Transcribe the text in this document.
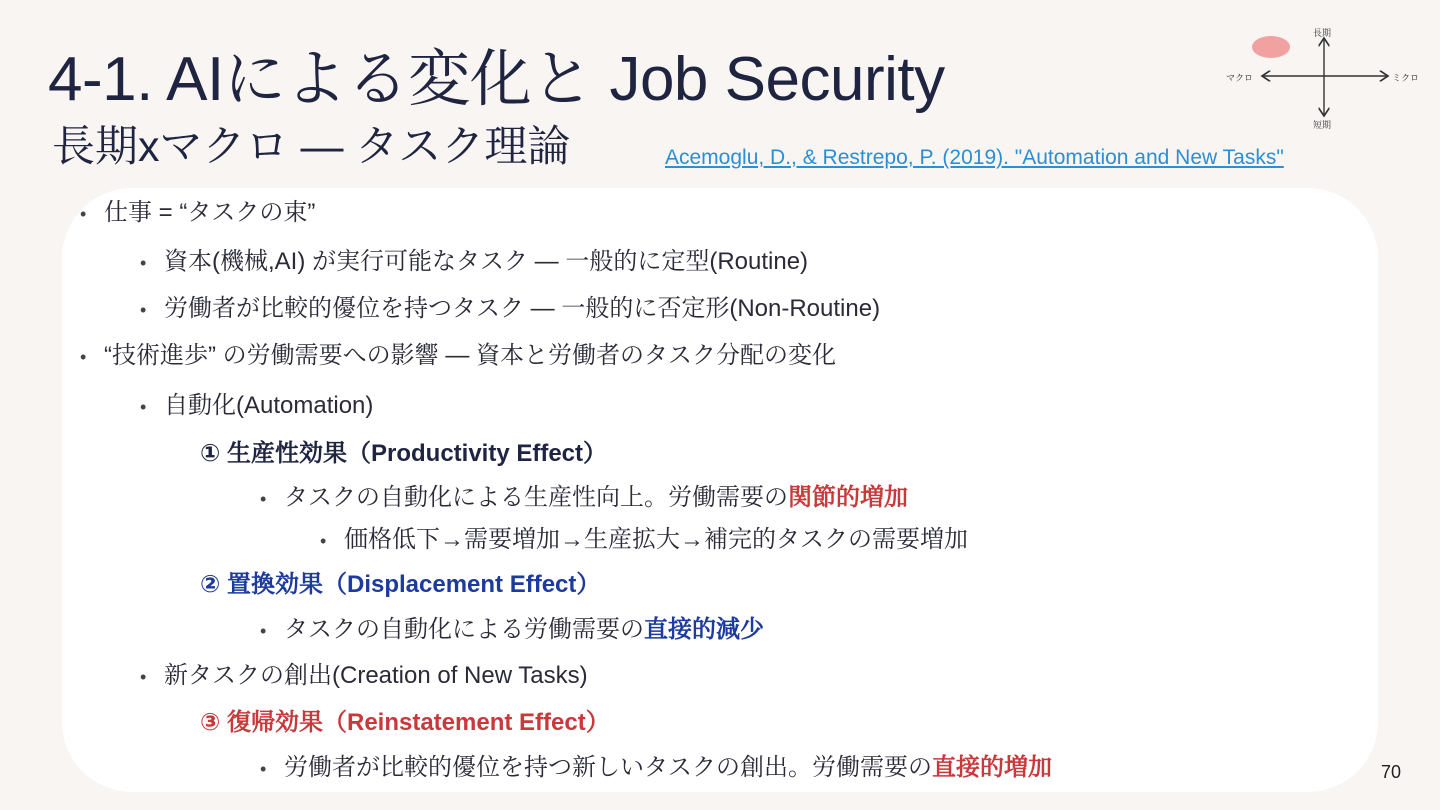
4-1. AIによる変化と Job Security
長期xマクロ ― タスク理論	Acemoglu, D., & Restrepo, P. (2019). "Automation and New Tasks"
長期
短期
マクロ	ミクロ
• 仕事 = “タスクの束”
• 資本(機械,AI) が実行可能なタスク ― 一般的に定型(Routine)
• 労働者が比較的優位を持つタスク ― 一般的に否定形(Non-Routine)
• “技術進歩” の労働需要への影響 ― 資本と労働者のタスク分配の変化
• 自動化(Automation)
① 生産性効果（Productivity Effect）
• タスクの自動化による生産性向上。労働需要の関節的増加
• 価格低下→需要増加→生産拡大→補完的タスクの需要増加
② 置換効果（Displacement Effect）
• タスクの自動化による労働需要の直接的減少
• 新タスクの創出(Creation of New Tasks)
③ 復帰効果（Reinstatement Effect）
• 労働者が比較的優位を持つ新しいタスクの創出。労働需要の直接的増加	70
